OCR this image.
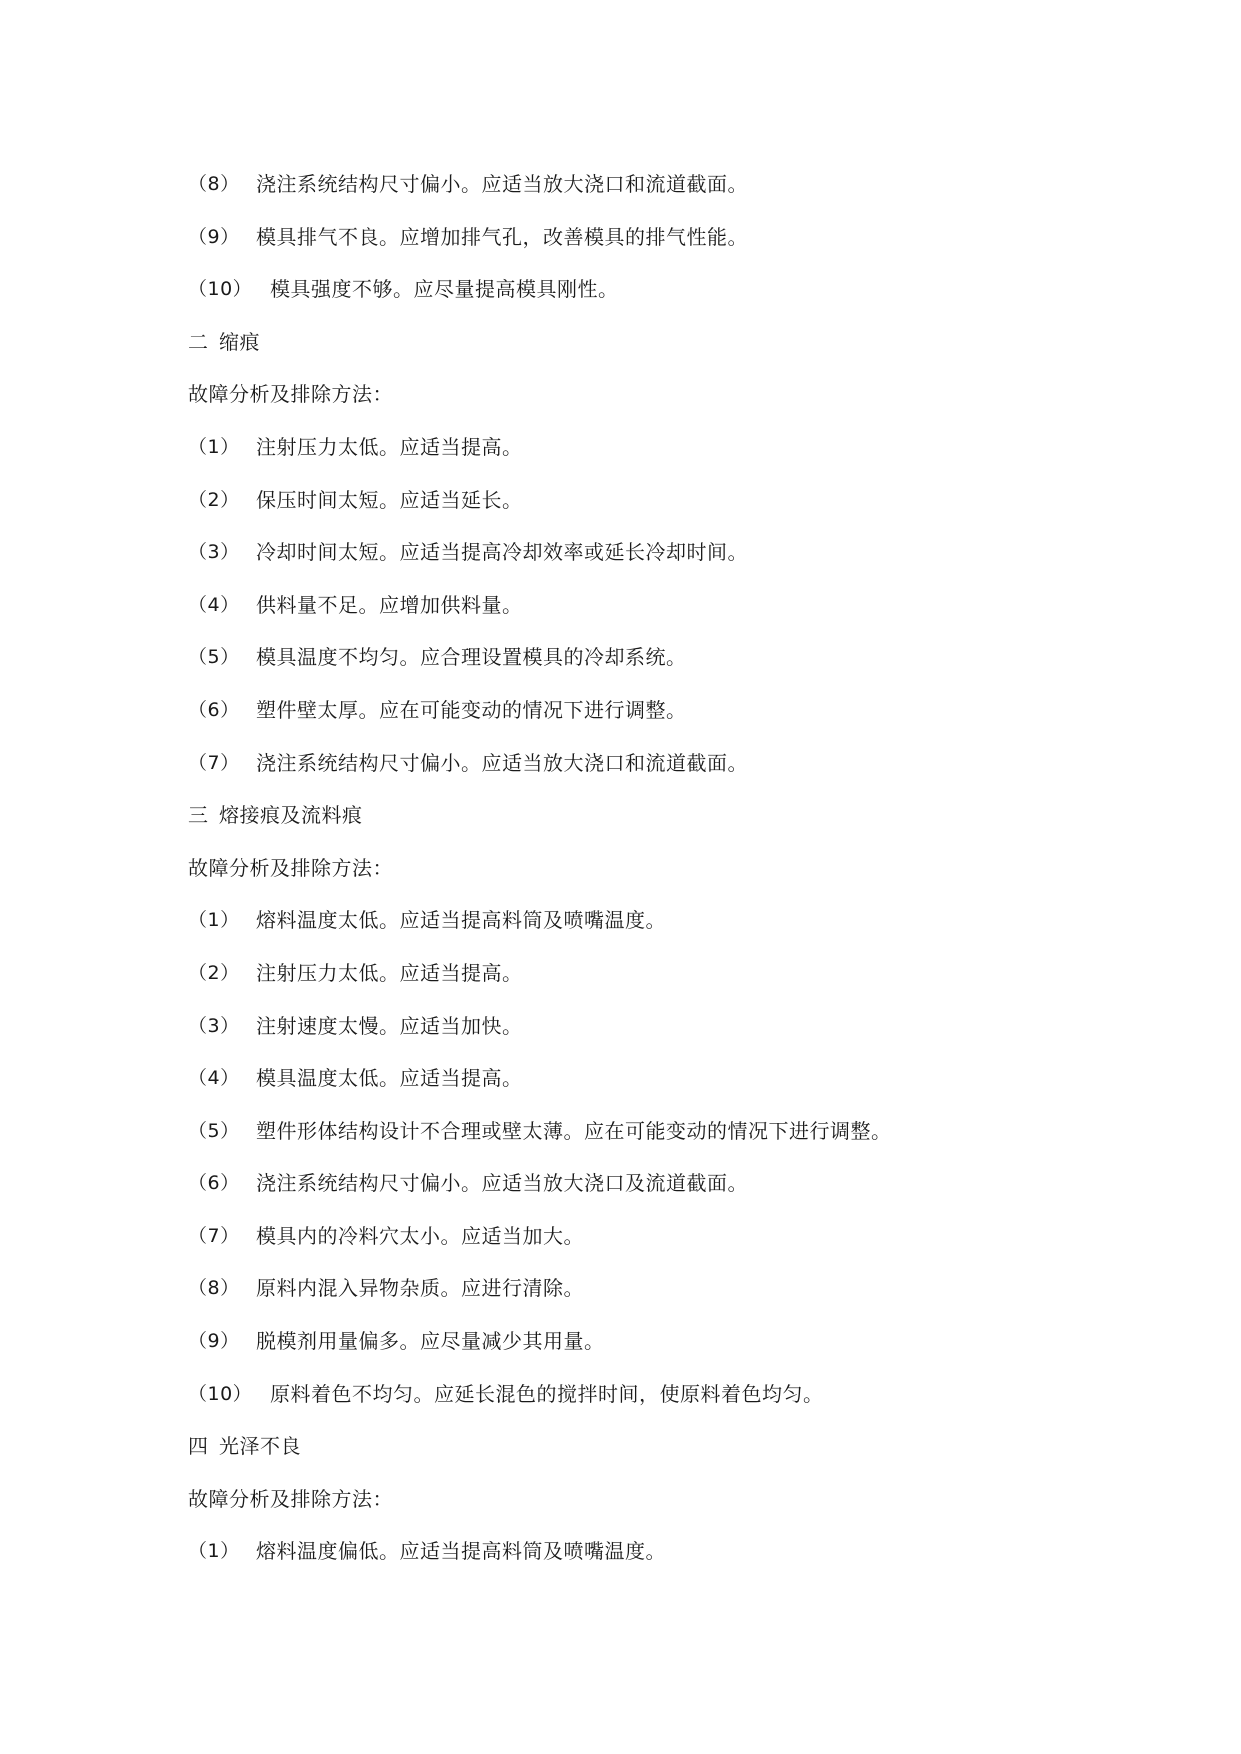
（8） 浇注系统结构尺寸偏小。应适当放大浇口和流道截面。
（9） 模具排气不良。应增加排气孔，改善模具的排气性能。
（10） 模具强度不够。应尽量提高模具刚性。
二 缩痕
故障分析及排除方法：
（1） 注射压力太低。应适当提高。
（2） 保压时间太短。应适当延长。
（3） 冷却时间太短。应适当提高冷却效率或延长冷却时间。
（4） 供料量不足。应增加供料量。
（5） 模具温度不均匀。应合理设置模具的冷却系统。
（6） 塑件壁太厚。应在可能变动的情况下进行调整。
（7） 浇注系统结构尺寸偏小。应适当放大浇口和流道截面。
三 熔接痕及流料痕
故障分析及排除方法：
（1） 熔料温度太低。应适当提高料筒及喷嘴温度。
（2） 注射压力太低。应适当提高。
（3） 注射速度太慢。应适当加快。
（4） 模具温度太低。应适当提高。
（5） 塑件形体结构设计不合理或壁太薄。应在可能变动的情况下进行调整。
（6） 浇注系统结构尺寸偏小。应适当放大浇口及流道截面。
（7） 模具内的冷料穴太小。应适当加大。
（8） 原料内混入异物杂质。应进行清除。
（9） 脱模剂用量偏多。应尽量减少其用量。
（10） 原料着色不均匀。应延长混色的搅拌时间，使原料着色均匀。
四 光泽不良
故障分析及排除方法：
（1） 熔料温度偏低。应适当提高料筒及喷嘴温度。
